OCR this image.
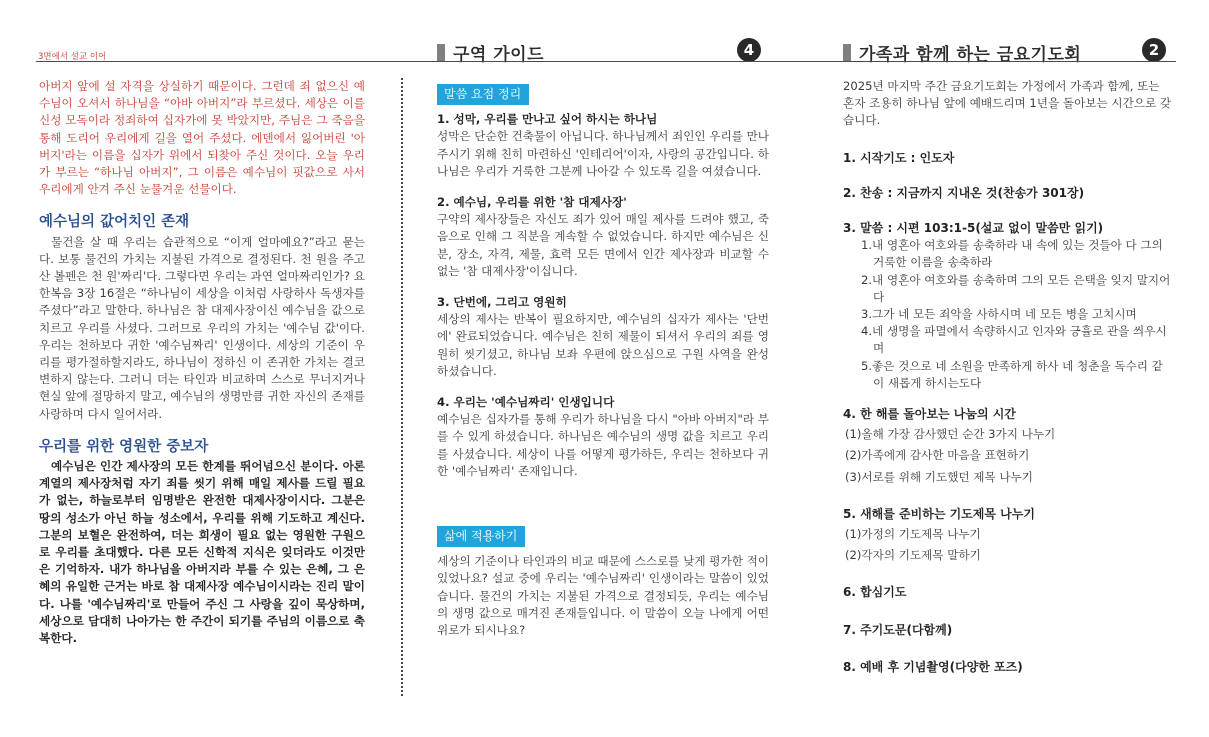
3면에서 설교 이어	구역 가이드	4	가족과 함께 하는 금요기도회	2

아버지 앞에 설 자격을 상실하기 때문이다. 그런데 죄 없으신 예수님이 오셔서 하나님을 “아바 아버지”라 부르셨다. 세상은 이를 신성 모독이라 정죄하여 십자가에 못 박았지만, 주님은 그 죽음을 통해 도리어 우리에게 길을 열어 주셨다. 에덴에서 잃어버린 '아버지'라는 이름을 십자가 위에서 되찾아 주신 것이다. 오늘 우리가 부르는 “하나님 아버지”, 그 이름은 예수님이 핏값으로 사서 우리에게 안겨 주신 눈물겨운 선물이다.

예수님의 값어치인 존재

물건을 살 때 우리는 습관적으로 “이게 얼마예요?”라고 묻는다. 보통 물건의 가치는 지불된 가격으로 결정된다. 천 원을 주고 산 볼펜은 천 원'짜리'다. 그렇다면 우리는 과연 얼마짜리인가? 요한복음 3장 16절은 “하나님이 세상을 이처럼 사랑하사 독생자를 주셨다”라고 말한다. 하나님은 참 대제사장이신 예수님을 값으로 치르고 우리를 사셨다. 그러므로 우리의 가치는 '예수님 값'이다. 우리는 천하보다 귀한 '예수님짜리' 인생이다. 세상의 기준이 우리를 평가절하할지라도, 하나님이 정하신 이 존귀한 가치는 결코 변하지 않는다. 그러니 더는 타인과 비교하며 스스로 무너지거나 현실 앞에 절망하지 말고, 예수님의 생명만큼 귀한 자신의 존재를 사랑하며 다시 일어서라.

우리를 위한 영원한 중보자

예수님은 인간 제사장의 모든 한계를 뛰어넘으신 분이다. 아론 계열의 제사장처럼 자기 죄를 씻기 위해 매일 제사를 드릴 필요가 없는, 하늘로부터 임명받은 완전한 대제사장이시다. 그분은 땅의 성소가 아닌 하늘 성소에서, 우리를 위해 기도하고 계신다. 그분의 보혈은 완전하여, 더는 희생이 필요 없는 영원한 구원으로 우리를 초대했다. 다른 모든 신학적 지식은 잊더라도 이것만은 기억하자. 내가 하나님을 아버지라 부를 수 있는 은혜, 그 은혜의 유일한 근거는 바로 참 대제사장 예수님이시라는 진리 말이다. 나를 '예수님짜리'로 만들어 주신 그 사랑을 깊이 묵상하며, 세상으로 담대히 나아가는 한 주간이 되기를 주님의 이름으로 축복한다.

말씀 요점 정리

1. 성막, 우리를 만나고 싶어 하시는 하나님

성막은 단순한 건축물이 아닙니다. 하나님께서 죄인인 우리를 만나주시기 위해 친히 마련하신 '인테리어'이자, 사랑의 공간입니다. 하나님은 우리가 거룩한 그분께 나아갈 수 있도록 길을 여셨습니다.

2. 예수님, 우리를 위한 '참 대제사장'

구약의 제사장들은 자신도 죄가 있어 매일 제사를 드려야 했고, 죽음으로 인해 그 직분을 계속할 수 없었습니다. 하지만 예수님은 신분, 장소, 자격, 제물, 효력 모든 면에서 인간 제사장과 비교할 수 없는 '참 대제사장'이십니다.

3. 단번에, 그리고 영원히

세상의 제사는 반복이 필요하지만, 예수님의 십자가 제사는 '단번에' 완료되었습니다. 예수님은 친히 제물이 되셔서 우리의 죄를 영원히 씻기셨고, 하나님 보좌 우편에 앉으심으로 구원 사역을 완성하셨습니다.

4. 우리는 '예수님짜리' 인생입니다

예수님은 십자가를 통해 우리가 하나님을 다시 "아바 아버지"라 부를 수 있게 하셨습니다. 하나님은 예수님의 생명 값을 치르고 우리를 사셨습니다. 세상이 나를 어떻게 평가하든, 우리는 천하보다 귀한 '예수님짜리' 존재입니다.

삶에 적용하기

세상의 기준이나 타인과의 비교 때문에 스스로를 낮게 평가한 적이 있었나요? 설교 중에 우리는 '예수님짜리' 인생이라는 말씀이 있었습니다. 물건의 가치는 지불된 가격으로 결정되듯, 우리는 예수님의 생명 값으로 매겨진 존재들입니다. 이 말씀이 오늘 나에게 어떤 위로가 되시나요?

2025년 마지막 주간 금요기도회는 가정에서 가족과 함께, 또는 혼자 조용히 하나님 앞에 예배드리며 1년을 돌아보는 시간으로 갖습니다.

1. 시작기도 : 인도자

2. 찬송 : 지금까지 지내온 것(찬송가 301장)

3. 말씀 : 시편 103:1-5(설교 없이 말씀만 읽기)

1.내 영혼아 여호와를 송축하라 내 속에 있는 것들아 다 그의 거룩한 이름을 송축하라

2.내 영혼아 여호와를 송축하며 그의 모든 은택을 잊지 말지어다

3.그가 네 모든 죄악을 사하시며 네 모든 병을 고치시며

4.네 생명을 파멸에서 속량하시고 인자와 긍휼로 관을 씌우시며

5.좋은 것으로 네 소원을 만족하게 하사 네 청춘을 독수리 같이 새롭게 하시는도다

4. 한 해를 돌아보는 나눔의 시간

(1)올해 가장 감사했던 순간 3가지 나누기

(2)가족에게 감사한 마음을 표현하기

(3)서로를 위해 기도했던 제목 나누기

5. 새해를 준비하는 기도제목 나누기

(1)가정의 기도제목 나누기

(2)각자의 기도제목 말하기

6. 합심기도

7. 주기도문(다함께)

8. 예배 후 기념촬영(다양한 포즈)
